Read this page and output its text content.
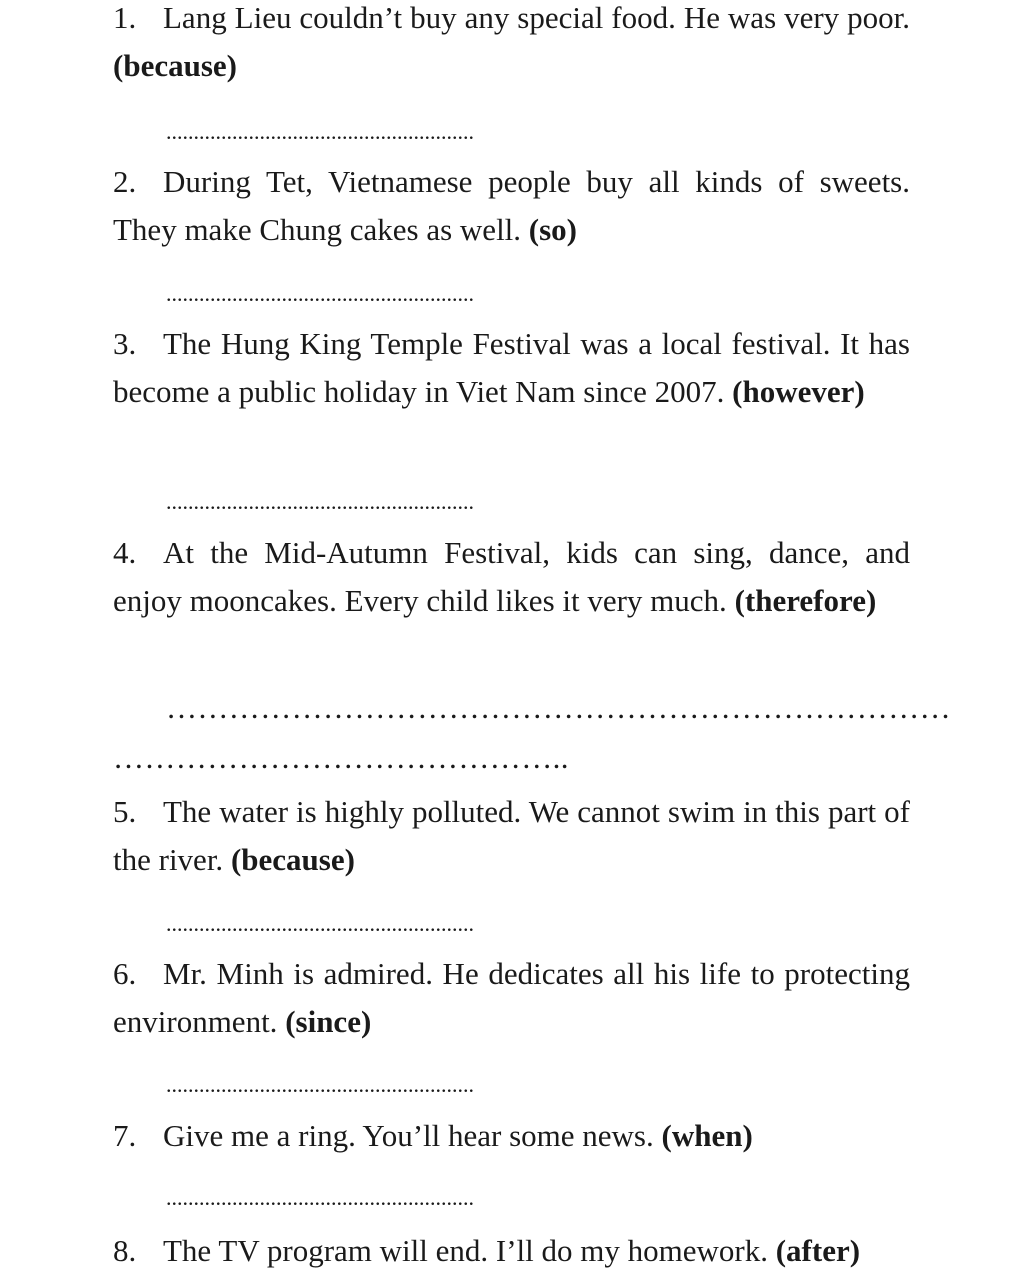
1. Lang Lieu couldn’t buy any special food. He was very poor. (because)
........................................................
2. During Tet, Vietnamese people buy all kinds of sweets. They make Chung cakes as well. (so)
........................................................
3. The Hung King Temple Festival was a local festival. It has become a public holiday in Viet Nam since 2007. (however)
........................................................
4. At the Mid-Autumn Festival, kids can sing, dance, and enjoy mooncakes. Every child likes it very much. (therefore)
…………………………………………………………………
……………………………………..
5. The water is highly polluted. We cannot swim in this part of the river. (because)
........................................................
6. Mr. Minh is admired. He dedicates all his life to protecting environment. (since)
........................................................
7. Give me a ring. You’ll hear some news. (when)
........................................................
8. The TV program will end. I’ll do my homework. (after)
